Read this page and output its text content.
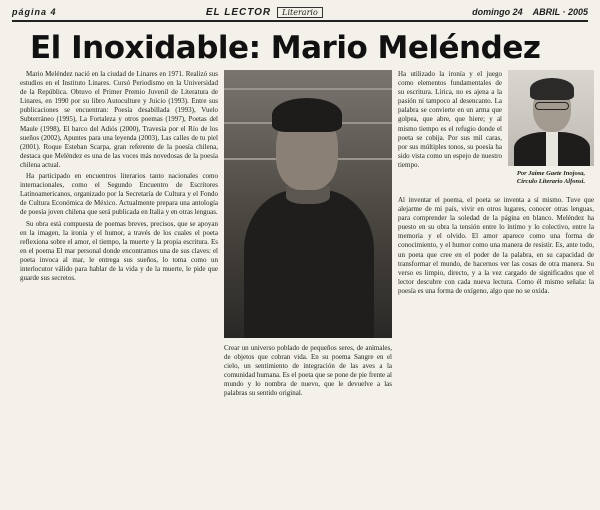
página 4	EL LECTOR	Literario	domingo 24 ABRIL · 2005
El Inoxidable: Mario Meléndez

Mario Meléndez nació en la ciudad de Linares en 1971. Realizó sus estudios en el Instituto Linares. Cursó Periodismo en la Universidad de la República. Obtuvo el Primer Premio Juvenil de Literatura de Linares, en 1990 por su libro Autoculture y Juicio (1993). Entre sus publicaciones se encuentran: Poesía desabillada (1993), Vuelo Subterráneo (1995), La Fortaleza y otros poemas (1997), Poetas del Maule (1998), El barco del Adiós (2000), Travesía por el Río de los sueños (2002), Apuntes para una leyenda (2003), Las calles de tu piel (2001). Roque Esteban Scarpa, gran referente de la poesía chilena, destaca que Meléndez es una de las voces más novedosas de la poesía chilena actual.

Ha participado en encuentros literarios tanto nacionales como internacionales, como el Segundo Encuentro de Escritores Latinoamericanos, organizado por la Secretaría de Cultura y el Fondo de Cultura Económica de México. Actualmente prepara una antología de poesía joven chilena que será publicada en Italia y en otras lenguas.

Su obra está compuesta de poemas breves, precisos, que se apoyan en la imagen, la ironía y el humor, a través de los cuales el poeta reflexiona sobre el amor, el tiempo, la muerte y la propia escritura. Es en el poema El mar personal donde encontramos una de sus claves: el poeta invoca al mar, le entrega sus sueños, lo toma como un interlocutor válido para hablar de la vida y de la muerte, le pide que guarde sus secretos.

Ha utilizado la ironía y el juego como elementos fundamentales de su escritura. Lírica, no es ajena a la pasión ni tampoco al desencanto. La palabra se convierte en un arma que golpea, que abre, que hiere; y al mismo tiempo es el refugio donde el poeta se cobija. Por sus mil caras, por sus múltiples tonos, su poesía ha sido vista como un espejo de nuestro tiempo.
Por Jaime Gaete Inojosa, Círculo Literario Alfonsi.
Al inventar el poema, el poeta se inventa a sí mismo. Tuve que alejarme de mi país, vivir en otros lugares, conocer otras lenguas, para comprender la soledad de la página en blanco. Meléndez ha puesto en su obra la tensión entre lo íntimo y lo colectivo, entre la memoria y el olvido. El amor aparece como una forma de conocimiento, y el humor como una manera de resistir. Es, ante todo, un poeta que cree en el poder de la palabra, en su capacidad de transformar el mundo, de hacernos ver las cosas de otra manera. Su verso es limpio, directo, y a la vez cargado de significados que el lector descubre con cada nueva lectura. Como él mismo señala: la poesía es una forma de oxígeno, algo que no se oxida.
Crear un universo poblado de pequeños seres, de animales, de objetos que cobran vida. En su poema Sangre en el cielo, un sentimiento de integración de las aves a la comunidad humana. Es el poeta que se pone de pie frente al mundo y lo nombra de nuevo, que le devuelve a las palabras su sentido original.
